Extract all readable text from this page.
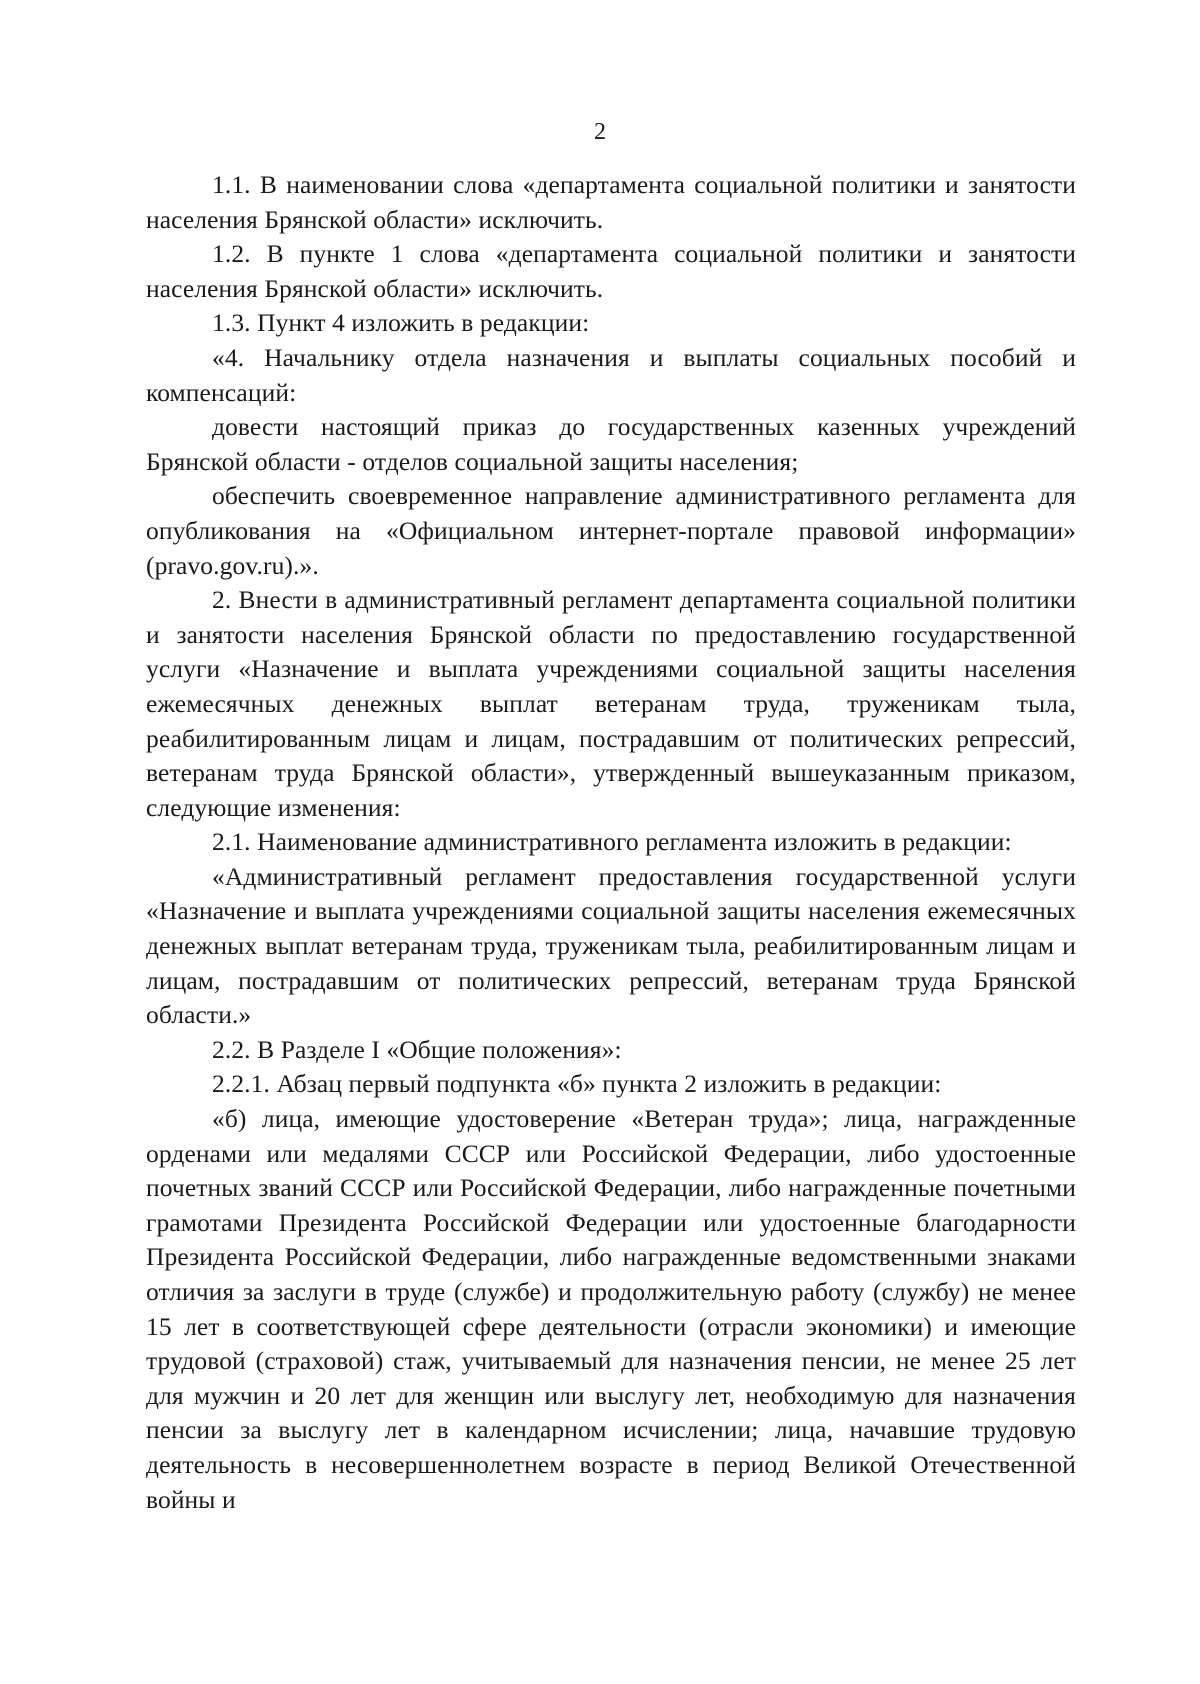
2

1.1. В наименовании слова «департамента социальной политики и занятости населения Брянской области» исключить.

1.2. В пункте 1 слова «департамента социальной политики и занятости населения Брянской области» исключить.

1.3. Пункт 4 изложить в редакции:

«4. Начальнику отдела назначения и выплаты социальных пособий и компенсаций:

довести настоящий приказ до государственных казенных учреждений Брянской области - отделов социальной защиты населения;

обеспечить своевременное направление административного регламента для опубликования на «Официальном интернет-портале правовой информации» (pravo.gov.ru).».

2. Внести в административный регламент департамента социальной политики и занятости населения Брянской области по предоставлению государственной услуги «Назначение и выплата учреждениями социальной защиты населения ежемесячных денежных выплат ветеранам труда, труженикам тыла, реабилитированным лицам и лицам, пострадавшим от политических репрессий, ветеранам труда Брянской области», утвержденный вышеуказанным приказом, следующие изменения:

2.1. Наименование административного регламента изложить в редакции:

«Административный регламент предоставления государственной услуги «Назначение и выплата учреждениями социальной защиты населения ежемесячных денежных выплат ветеранам труда, труженикам тыла, реабилитированным лицам и лицам, пострадавшим от политических репрессий, ветеранам труда Брянской области.»

2.2. В Разделе I «Общие положения»:

2.2.1. Абзац первый подпункта «б» пункта 2 изложить в редакции:

«б) лица, имеющие удостоверение «Ветеран труда»; лица, награжденные орденами или медалями СССР или Российской Федерации, либо удостоенные почетных званий СССР или Российской Федерации, либо награжденные почетными грамотами Президента Российской Федерации или удостоенные благодарности Президента Российской Федерации, либо награжденные ведомственными знаками отличия за заслуги в труде (службе) и продолжительную работу (службу) не менее 15 лет в соответствующей сфере деятельности (отрасли экономики) и имеющие трудовой (страховой) стаж, учитываемый для назначения пенсии, не менее 25 лет для мужчин и 20 лет для женщин или выслугу лет, необходимую для назначения пенсии за выслугу лет в календарном исчислении; лица, начавшие трудовую деятельность в несовершеннолетнем возрасте в период Великой Отечественной войны и
